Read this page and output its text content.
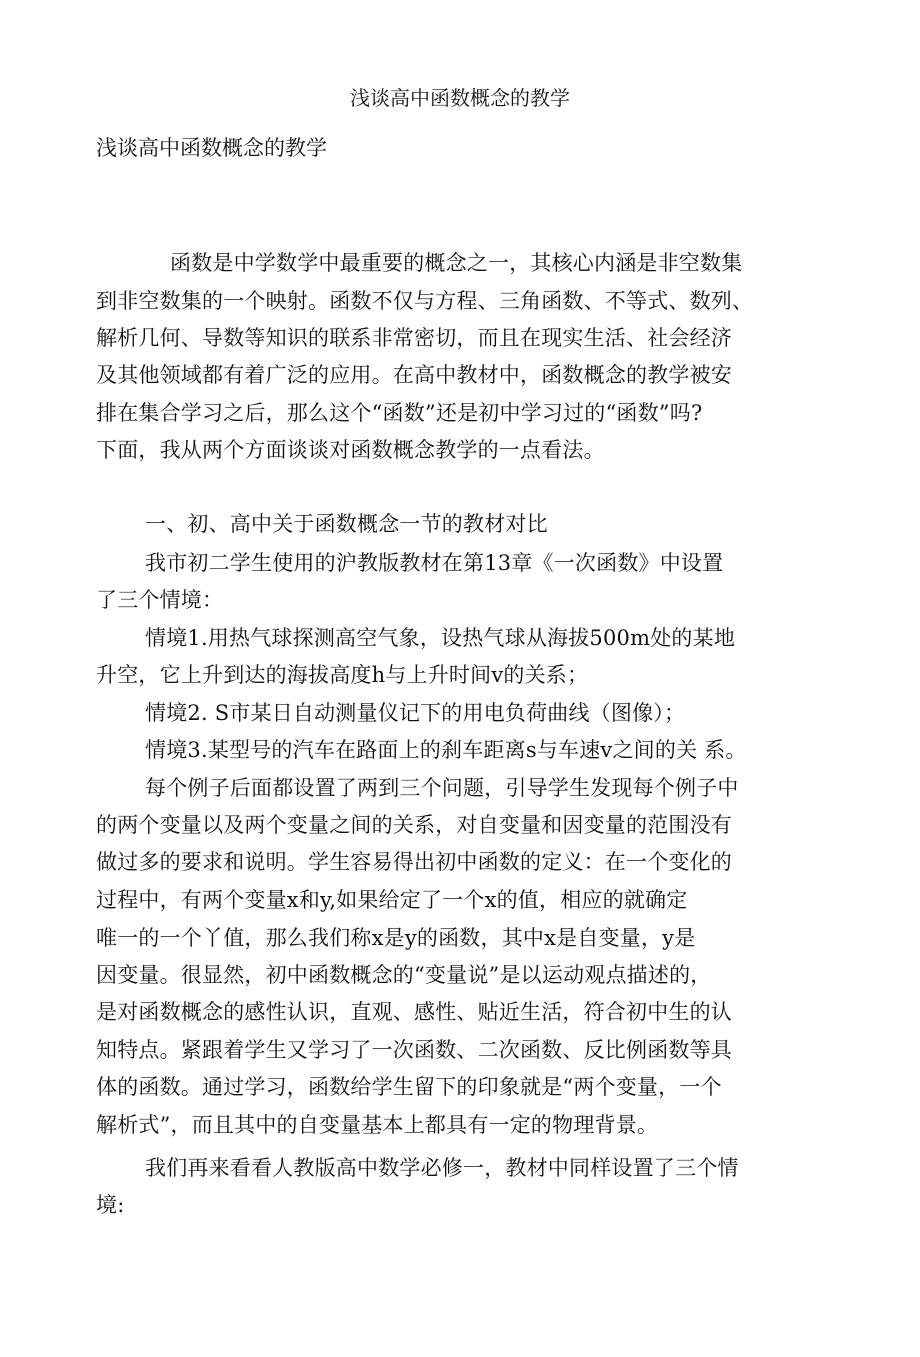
浅谈高中函数概念的教学
浅谈高中函数概念的教学
函数是中学数学中最重要的概念之一，其核心内涵是非空数集
到非空数集的一个映射。函数不仅与方程、三角函数、不等式、数列、
解析几何、导数等知识的联系非常密切，而且在现实生活、社会经济
及其他领域都有着广泛的应用。在高中教材中，函数概念的教学被安
排在集合学习之后，那么这个“函数”还是初中学习过的“函数”吗?
下面，我从两个方面谈谈对函数概念教学的一点看法。
一、初、高中关于函数概念一节的教材对比
我市初二学生使用的沪教版教材在第13章《一次函数》中设置
了三个情境：
情境1.用热气球探测高空气象，设热气球从海拔500m处的某地
升空，它上升到达的海拔高度h与上升时间v的关系；
情境2. S市某日自动测量仪记下的用电负荷曲线（图像）；
情境3.某型号的汽车在路面上的刹车距离s与车速v之间的关 系。
每个例子后面都设置了两到三个问题，引导学生发现每个例子中
的两个变量以及两个变量之间的关系，对自变量和因变量的范围没有
做过多的要求和说明。学生容易得出初中函数的定义：在一个变化的
过程中，有两个变量x和y,如果给定了一个x的值，相应的就确定
唯一的一个丫值，那么我们称x是y的函数，其中x是自变量，y是
因变量。很显然，初中函数概念的“变量说”是以运动观点描述的，
是对函数概念的感性认识，直观、感性、贴近生活，符合初中生的认
知特点。紧跟着学生又学习了一次函数、二次函数、反比例函数等具
体的函数。通过学习，函数给学生留下的印象就是“两个变量，一个
解析式”，而且其中的自变量基本上都具有一定的物理背景。
我们再来看看人教版高中数学必修一，教材中同样设置了三个情
境:
